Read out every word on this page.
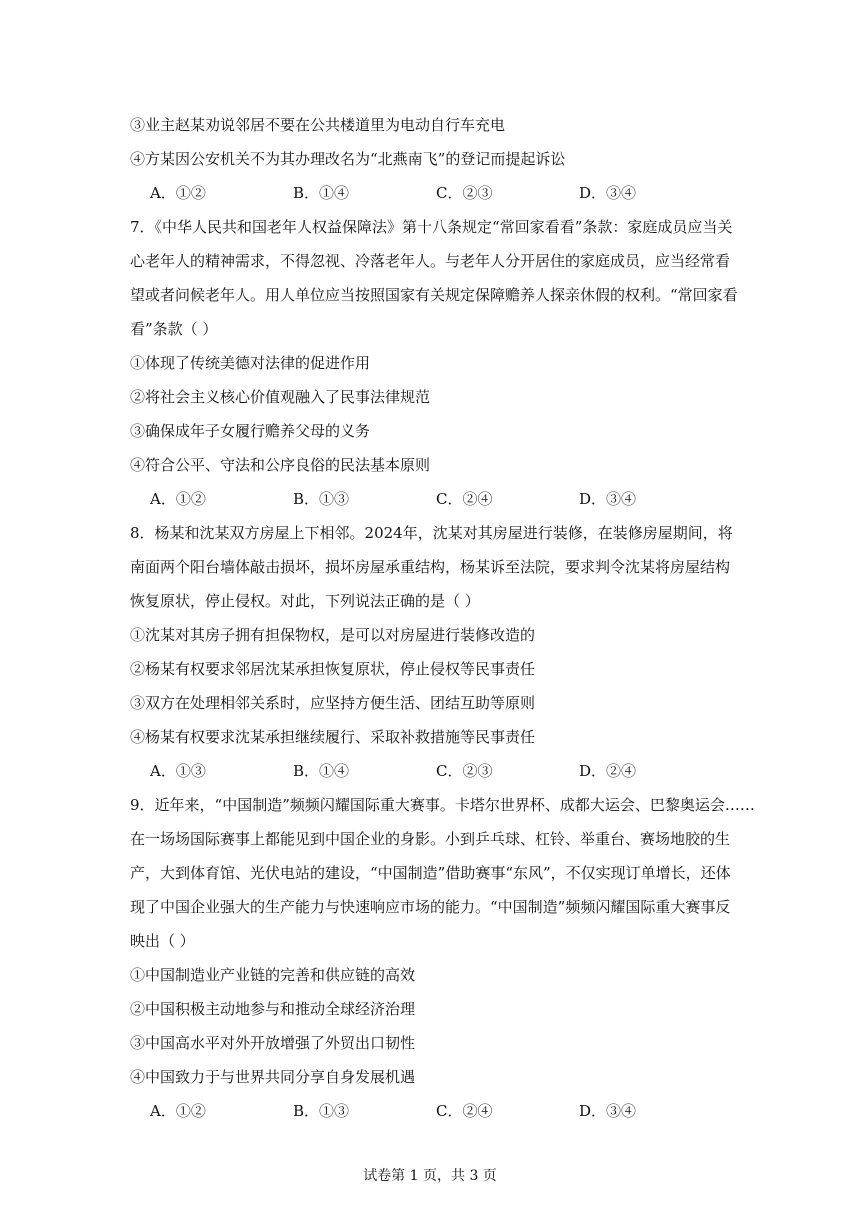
③业主赵某劝说邻居不要在公共楼道里为电动自行车充电
④方某因公安机关不为其办理改名为“北燕南飞”的登记而提起诉讼
A．①②	B．①④	C．②③	D．③④
7．《中华人民共和国老年人权益保障法》第十八条规定“常回家看看”条款：家庭成员应当关
心老年人的精神需求，不得忽视、冷落老年人。与老年人分开居住的家庭成员，应当经常看
望或者问候老年人。用人单位应当按照国家有关规定保障赡养人探亲休假的权利。“常回家看
看”条款（ ）
①体现了传统美德对法律的促进作用
②将社会主义核心价值观融入了民事法律规范
③确保成年子女履行赡养父母的义务
④符合公平、守法和公序良俗的民法基本原则
A．①②	B．①③	C．②④	D．③④
8．杨某和沈某双方房屋上下相邻。2024年，沈某对其房屋进行装修，在装修房屋期间，将
南面两个阳台墙体敲击损坏，损坏房屋承重结构，杨某诉至法院，要求判令沈某将房屋结构
恢复原状，停止侵权。对此，下列说法正确的是（ ）
①沈某对其房子拥有担保物权，是可以对房屋进行装修改造的
②杨某有权要求邻居沈某承担恢复原状，停止侵权等民事责任
③双方在处理相邻关系时，应坚持方便生活、团结互助等原则
④杨某有权要求沈某承担继续履行、采取补救措施等民事责任
A．①③	B．①④	C．②③	D．②④
9．近年来，“中国制造”频频闪耀国际重大赛事。卡塔尔世界杯、成都大运会、巴黎奥运会……
在一场场国际赛事上都能见到中国企业的身影。小到乒乓球、杠铃、举重台、赛场地胶的生
产，大到体育馆、光伏电站的建设，“中国制造”借助赛事“东风”，不仅实现订单增长，还体
现了中国企业强大的生产能力与快速响应市场的能力。“中国制造”频频闪耀国际重大赛事反
映出（ ）
①中国制造业产业链的完善和供应链的高效
②中国积极主动地参与和推动全球经济治理
③中国高水平对外开放增强了外贸出口韧性
④中国致力于与世界共同分享自身发展机遇
A．①②	B．①③	C．②④	D．③④
试卷第 1 页，共 3 页
